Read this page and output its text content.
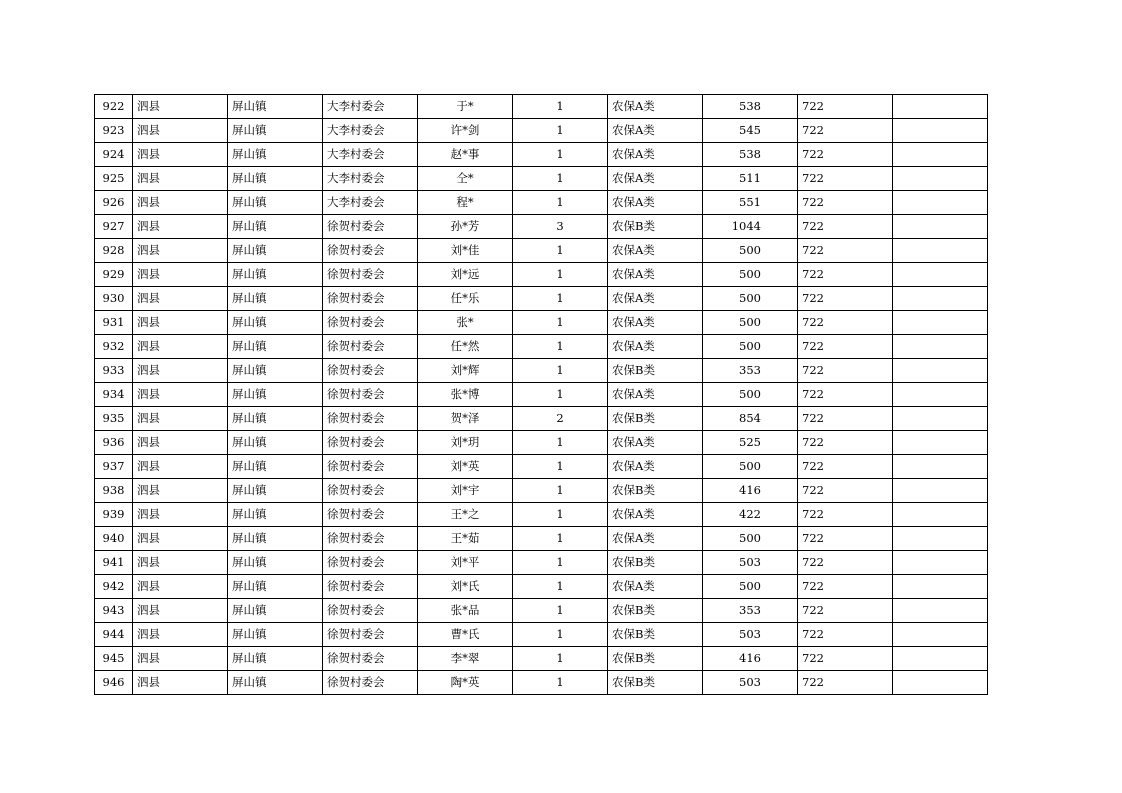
922	泗县	屏山镇	大李村委会	于*	1	农保A类	538	722	
923	泗县	屏山镇	大李村委会	许*剑	1	农保A类	545	722	
924	泗县	屏山镇	大李村委会	赵*事	1	农保A类	538	722	
925	泗县	屏山镇	大李村委会	仝*	1	农保A类	511	722	
926	泗县	屏山镇	大李村委会	程*	1	农保A类	551	722	
927	泗县	屏山镇	徐贺村委会	孙*芳	3	农保B类	1044	722	
928	泗县	屏山镇	徐贺村委会	刘*佳	1	农保A类	500	722	
929	泗县	屏山镇	徐贺村委会	刘*远	1	农保A类	500	722	
930	泗县	屏山镇	徐贺村委会	任*乐	1	农保A类	500	722	
931	泗县	屏山镇	徐贺村委会	张*	1	农保A类	500	722	
932	泗县	屏山镇	徐贺村委会	任*然	1	农保A类	500	722	
933	泗县	屏山镇	徐贺村委会	刘*辉	1	农保B类	353	722	
934	泗县	屏山镇	徐贺村委会	张*博	1	农保A类	500	722	
935	泗县	屏山镇	徐贺村委会	贺*泽	2	农保B类	854	722	
936	泗县	屏山镇	徐贺村委会	刘*玥	1	农保A类	525	722	
937	泗县	屏山镇	徐贺村委会	刘*英	1	农保A类	500	722	
938	泗县	屏山镇	徐贺村委会	刘*宇	1	农保B类	416	722	
939	泗县	屏山镇	徐贺村委会	王*之	1	农保A类	422	722	
940	泗县	屏山镇	徐贺村委会	王*茹	1	农保A类	500	722	
941	泗县	屏山镇	徐贺村委会	刘*平	1	农保B类	503	722	
942	泗县	屏山镇	徐贺村委会	刘*氏	1	农保A类	500	722	
943	泗县	屏山镇	徐贺村委会	张*品	1	农保B类	353	722	
944	泗县	屏山镇	徐贺村委会	曹*氏	1	农保B类	503	722	
945	泗县	屏山镇	徐贺村委会	李*翠	1	农保B类	416	722	
946	泗县	屏山镇	徐贺村委会	陶*英	1	农保B类	503	722	
